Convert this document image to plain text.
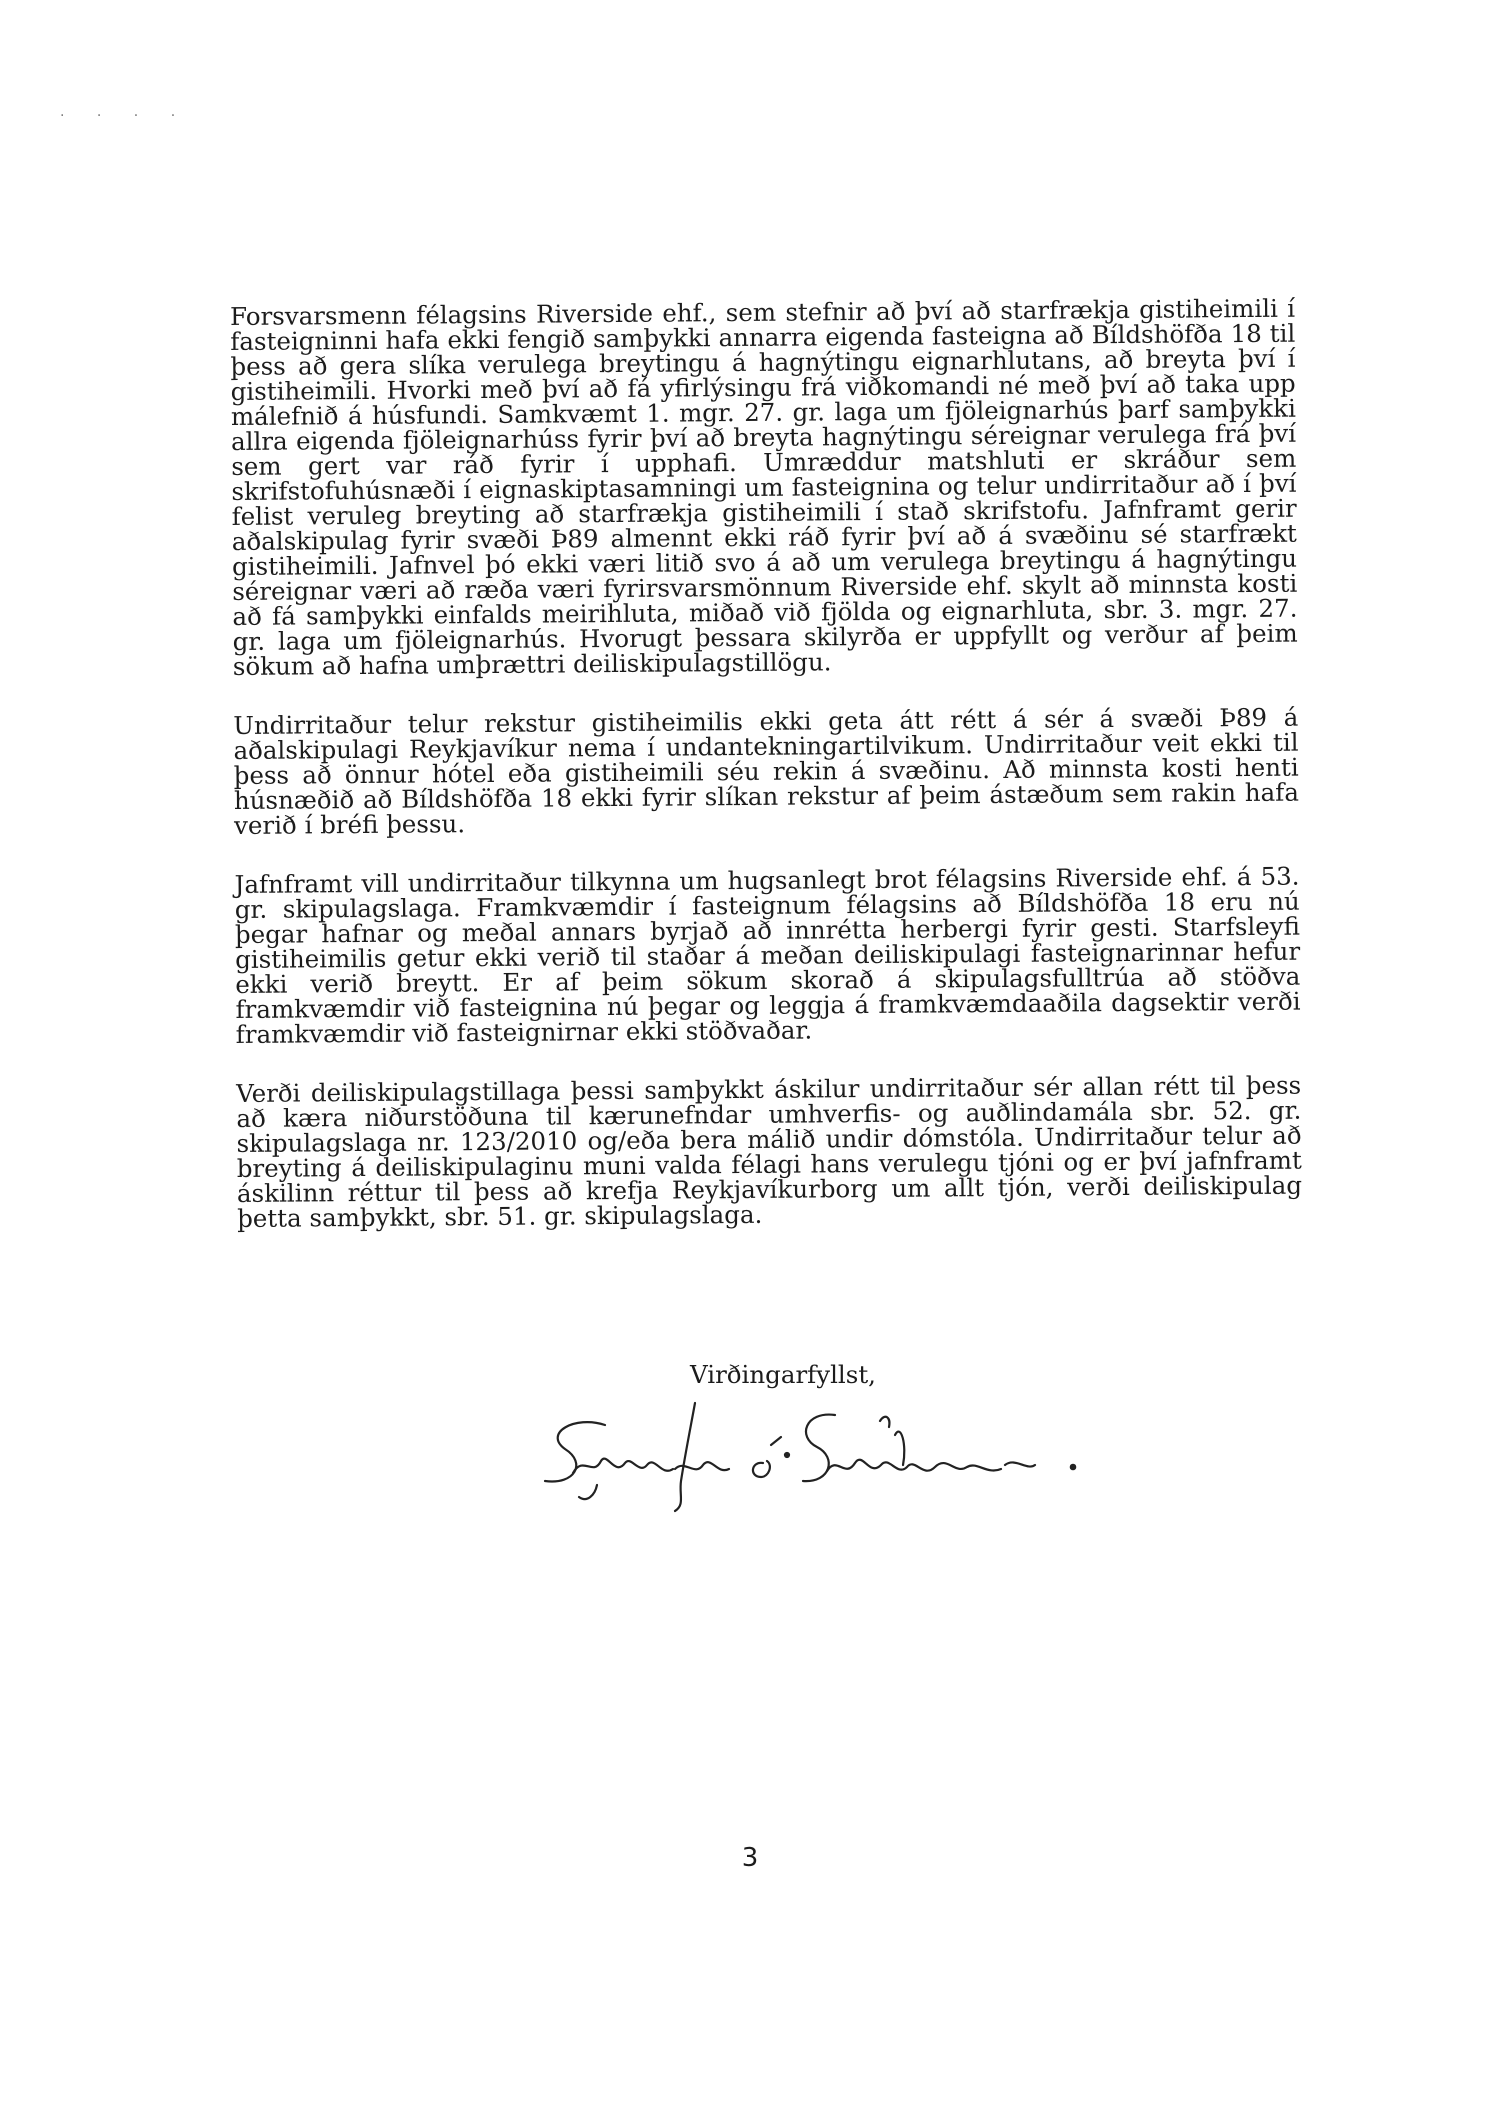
· · · ·

Forsvarsmenn félagsins Riverside ehf., sem stefnir að því að starfrækja gistiheimili í fasteigninni hafa ekki fengið samþykki annarra eigenda fasteigna að Bíldshöfða 18 til þess að gera slíka verulega breytingu á hagnýtingu eignarhlutans, að breyta því í gistiheimili. Hvorki með því að fá yfirlýsingu frá viðkomandi né með því að taka upp málefnið á húsfundi. Samkvæmt 1. mgr. 27. gr. laga um fjöleignarhús þarf samþykki allra eigenda fjöleignarhúss fyrir því að breyta hagnýtingu séreignar verulega frá því sem gert var ráð fyrir í upphafi. Umræddur matshluti er skráður sem skrifstofuhúsnæði í eignaskiptasamningi um fasteignina og telur undirritaður að í því felist veruleg breyting að starfrækja gistiheimili í stað skrifstofu. Jafnframt gerir aðalskipulag fyrir svæði Þ89 almennt ekki ráð fyrir því að á svæðinu sé starfrækt gistiheimili. Jafnvel þó ekki væri litið svo á að um verulega breytingu á hagnýtingu séreignar væri að ræða væri fyrirsvarsmönnum Riverside ehf. skylt að minnsta kosti að fá samþykki einfalds meirihluta, miðað við fjölda og eignarhluta, sbr. 3. mgr. 27. gr. laga um fjöleignarhús. Hvorugt þessara skilyrða er uppfyllt og verður af þeim sökum að hafna umþrættri deiliskipulagstillögu.

Undirritaður telur rekstur gistiheimilis ekki geta átt rétt á sér á svæði Þ89 á aðalskipulagi Reykjavíkur nema í undantekningartilvikum. Undirritaður veit ekki til þess að önnur hótel eða gistiheimili séu rekin á svæðinu. Að minnsta kosti henti húsnæðið að Bíldshöfða 18 ekki fyrir slíkan rekstur af þeim ástæðum sem rakin hafa verið í bréfi þessu.

Jafnframt vill undirritaður tilkynna um hugsanlegt brot félagsins Riverside ehf. á 53. gr. skipulagslaga. Framkvæmdir í fasteignum félagsins að Bíldshöfða 18 eru nú þegar hafnar og meðal annars byrjað að innrétta herbergi fyrir gesti. Starfsleyfi gistiheimilis getur ekki verið til staðar á meðan deiliskipulagi fasteignarinnar hefur ekki verið breytt. Er af þeim sökum skorað á skipulagsfulltrúa að stöðva framkvæmdir við fasteignina nú þegar og leggja á framkvæmdaaðila dagsektir verði framkvæmdir við fasteignirnar ekki stöðvaðar.

Verði deiliskipulagstillaga þessi samþykkt áskilur undirritaður sér allan rétt til þess að kæra niðurstöðuna til kærunefndar umhverfis- og auðlindamála sbr. 52. gr. skipulagslaga nr. 123/2010 og/eða bera málið undir dómstóla. Undirritaður telur að breyting á deiliskipulaginu muni valda félagi hans verulegu tjóni og er því jafnframt áskilinn réttur til þess að krefja Reykjavíkurborg um allt tjón, verði deiliskipulag þetta samþykkt, sbr. 51. gr. skipulagslaga.

Virðingarfyllst,
3
